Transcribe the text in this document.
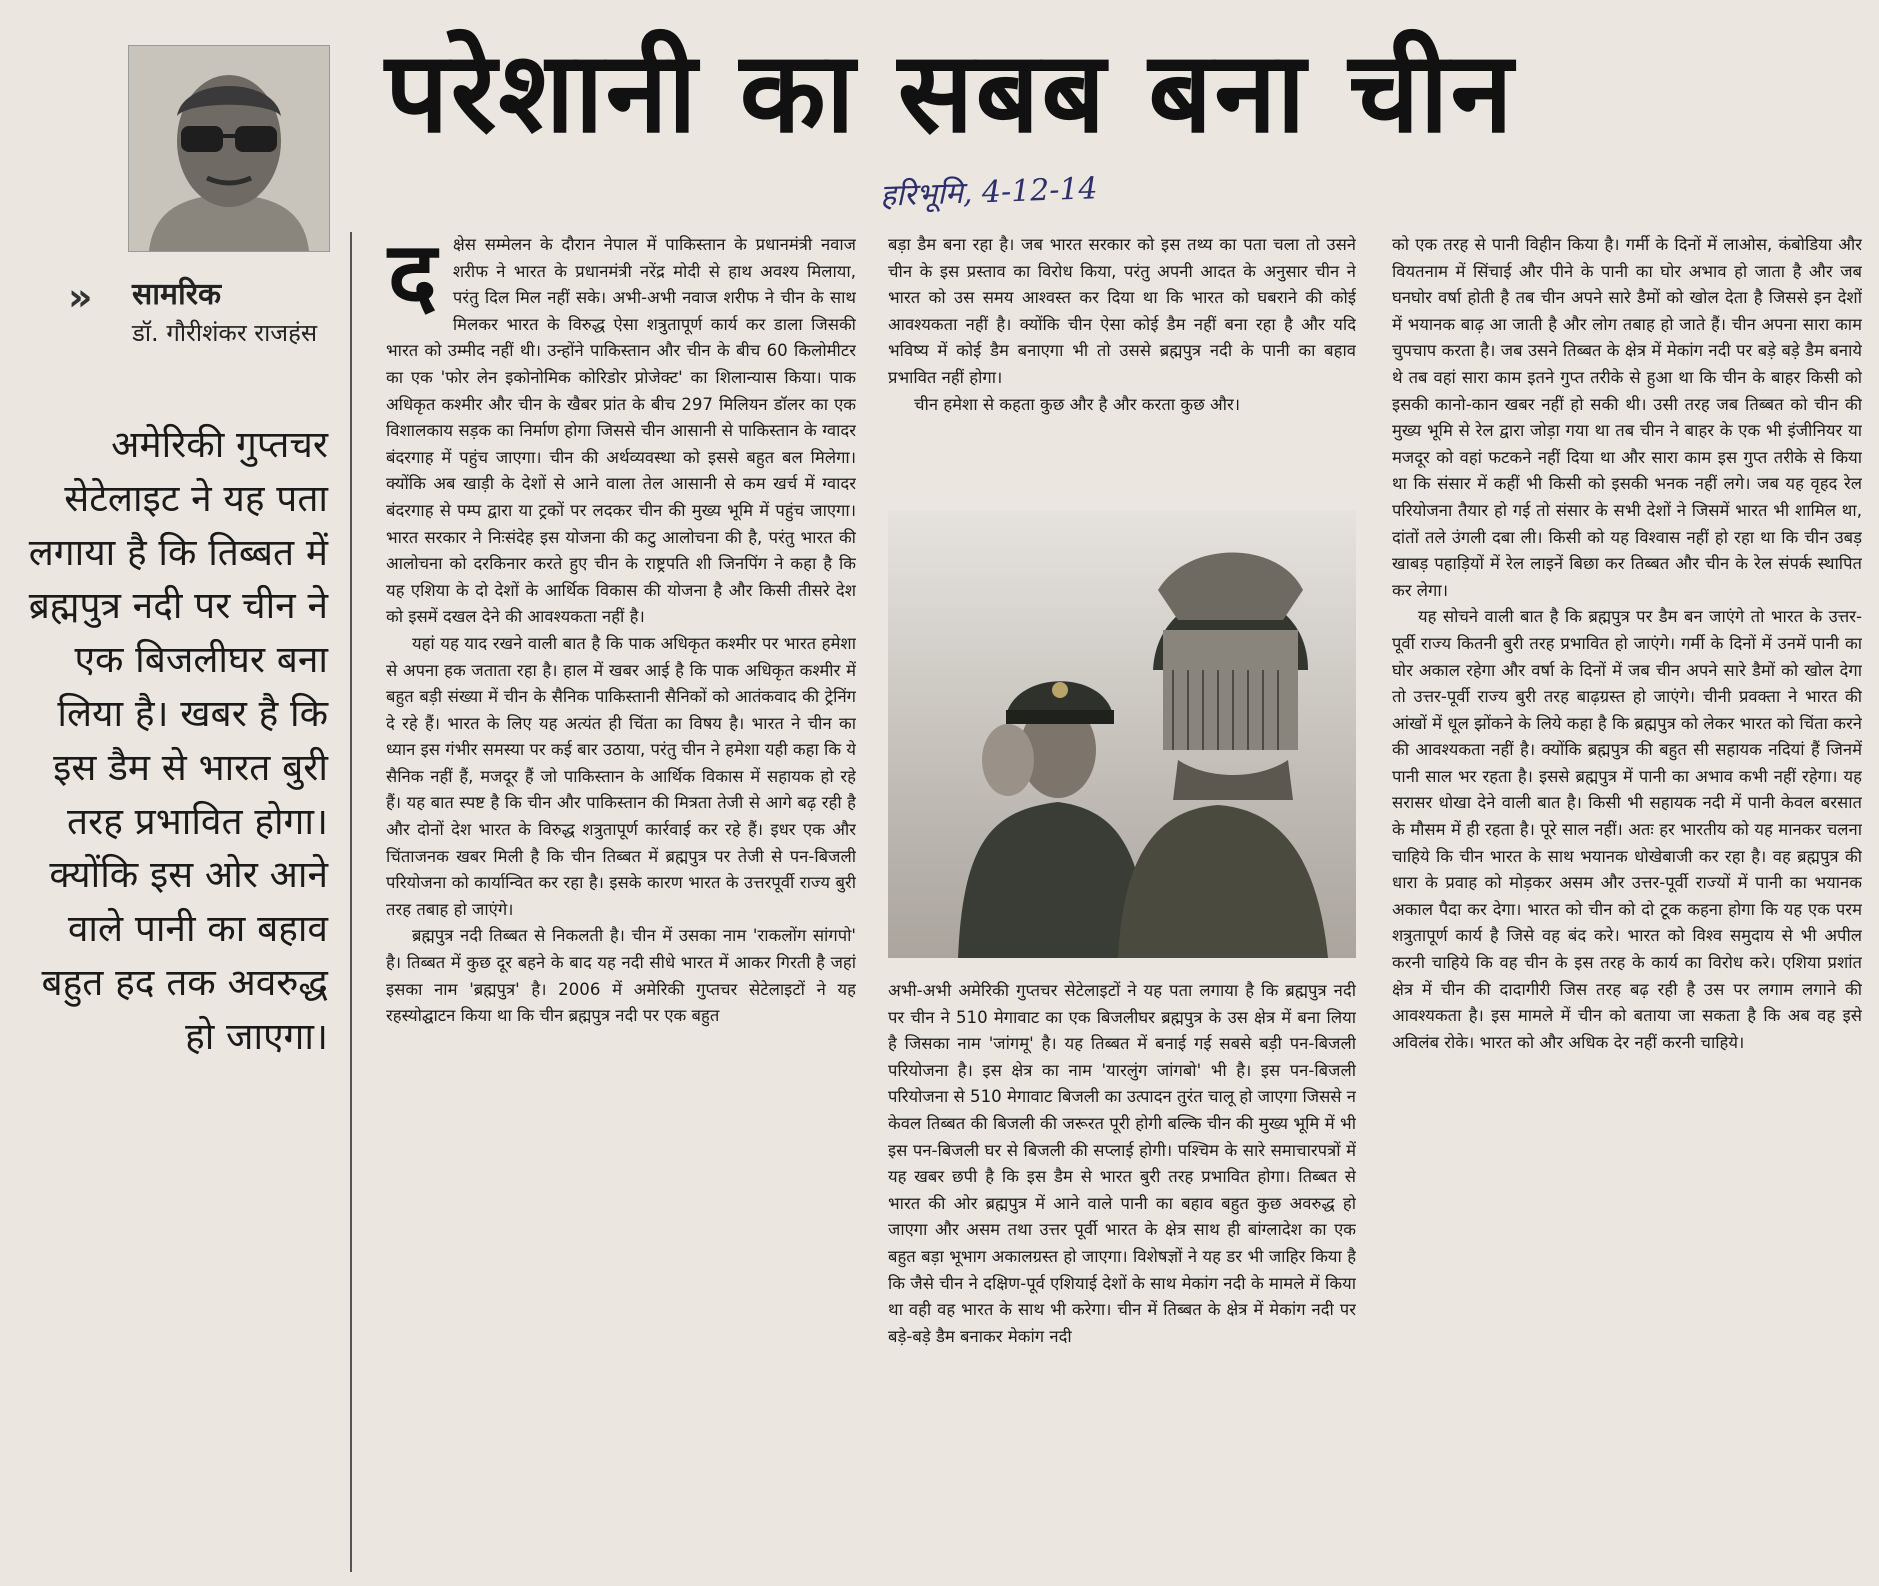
परेशानी का सबब बना चीन
हरिभूमि, 4-12-14
» सामरिक
डॉ. गौरीशंकर राजहंस

अमेरिकी गुप्तचर सेटेलाइट ने यह पता लगाया है कि तिब्बत में ब्रह्मपुत्र नदी पर चीन ने एक बिजलीघर बना लिया है। खबर है कि इस डैम से भारत बुरी तरह प्रभावित होगा। क्योंकि इस ओर आने वाले पानी का बहाव बहुत हद तक अवरुद्ध हो जाएगा।

द क्षेस सम्मेलन के दौरान नेपाल में पाकिस्तान के प्रधानमंत्री नवाज शरीफ ने भारत के प्रधानमंत्री नरेंद्र मोदी से हाथ अवश्य मिलाया, परंतु दिल मिल नहीं सके। अभी-अभी नवाज शरीफ ने चीन के साथ मिलकर भारत के विरुद्ध ऐसा शत्रुतापूर्ण कार्य कर डाला जिसकी भारत को उम्मीद नहीं थी। उन्होंने पाकिस्तान और चीन के बीच 60 किलोमीटर का एक 'फोर लेन इकोनोमिक कोरिडोर प्रोजेक्ट' का शिलान्यास किया। पाक अधिकृत कश्मीर और चीन के खैबर प्रांत के बीच 297 मिलियन डॉलर का एक विशालकाय सड़क का निर्माण होगा जिससे चीन आसानी से पाकिस्तान के ग्वादर बंदरगाह में पहुंच जाएगा। चीन की अर्थव्यवस्था को इससे बहुत बल मिलेगा। क्योंकि अब खाड़ी के देशों से आने वाला तेल आसानी से कम खर्च में ग्वादर बंदरगाह से पम्प द्वारा या ट्रकों पर लदकर चीन की मुख्य भूमि में पहुंच जाएगा। भारत सरकार ने निःसंदेह इस योजना की कटु आलोचना की है, परंतु भारत की आलोचना को दरकिनार करते हुए चीन के राष्ट्रपति शी जिनपिंग ने कहा है कि यह एशिया के दो देशों के आर्थिक विकास की योजना है और किसी तीसरे देश को इसमें दखल देने की आवश्यकता नहीं है।

यहां यह याद रखने वाली बात है कि पाक अधिकृत कश्मीर पर भारत हमेशा से अपना हक जताता रहा है। हाल में खबर आई है कि पाक अधिकृत कश्मीर में बहुत बड़ी संख्या में चीन के सैनिक पाकिस्तानी सैनिकों को आतंकवाद की ट्रेनिंग दे रहे हैं। भारत के लिए यह अत्यंत ही चिंता का विषय है। भारत ने चीन का ध्यान इस गंभीर समस्या पर कई बार उठाया, परंतु चीन ने हमेशा यही कहा कि ये सैनिक नहीं हैं, मजदूर हैं जो पाकिस्तान के आर्थिक विकास में सहायक हो रहे हैं। यह बात स्पष्ट है कि चीन और पाकिस्तान की मित्रता तेजी से आगे बढ़ रही है और दोनों देश भारत के विरुद्ध शत्रुतापूर्ण कार्रवाई कर रहे हैं। इधर एक और चिंताजनक खबर मिली है कि चीन तिब्बत में ब्रह्मपुत्र पर तेजी से पन-बिजली परियोजना को कार्यान्वित कर रहा है। इसके कारण भारत के उत्तरपूर्वी राज्य बुरी तरह तबाह हो जाएंगे।

ब्रह्मपुत्र नदी तिब्बत से निकलती है। चीन में उसका नाम 'राकलोंग सांगपो' है। तिब्बत में कुछ दूर बहने के बाद यह नदी सीधे भारत में आकर गिरती है जहां इसका नाम 'ब्रह्मपुत्र' है। 2006 में अमेरिकी गुप्तचर सेटेलाइटों ने यह रहस्योद्घाटन किया था कि चीन ब्रह्मपुत्र नदी पर एक बहुत

बड़ा डैम बना रहा है। जब भारत सरकार को इस तथ्य का पता चला तो उसने चीन के इस प्रस्ताव का विरोध किया, परंतु अपनी आदत के अनुसार चीन ने भारत को उस समय आश्वस्त कर दिया था कि भारत को घबराने की कोई आवश्यकता नहीं है। क्योंकि चीन ऐसा कोई डैम नहीं बना रहा है और यदि भविष्य में कोई डैम बनाएगा भी तो उससे ब्रह्मपुत्र नदी के पानी का बहाव प्रभावित नहीं होगा।

चीन हमेशा से कहता कुछ और है और करता कुछ और।

अभी-अभी अमेरिकी गुप्तचर सेटेलाइटों ने यह पता लगाया है कि ब्रह्मपुत्र नदी पर चीन ने 510 मेगावाट का एक बिजलीघर ब्रह्मपुत्र के उस क्षेत्र में बना लिया है जिसका नाम 'जांगमू' है। यह तिब्बत में बनाई गई सबसे बड़ी पन-बिजली परियोजना है। इस क्षेत्र का नाम 'यारलुंग जांगबो' भी है। इस पन-बिजली परियोजना से 510 मेगावाट बिजली का उत्पादन तुरंत चालू हो जाएगा जिससे न केवल तिब्बत की बिजली की जरूरत पूरी होगी बल्कि चीन की मुख्य भूमि में भी इस पन-बिजली घर से बिजली की सप्लाई होगी। पश्चिम के सारे समाचारपत्रों में यह खबर छपी है कि इस डैम से भारत बुरी तरह प्रभावित होगा। तिब्बत से भारत की ओर ब्रह्मपुत्र में आने वाले पानी का बहाव बहुत कुछ अवरुद्ध हो जाएगा और असम तथा उत्तर पूर्वी भारत के क्षेत्र साथ ही बांग्लादेश का एक बहुत बड़ा भूभाग अकालग्रस्त हो जाएगा। विशेषज्ञों ने यह डर भी जाहिर किया है कि जैसे चीन ने दक्षिण-पूर्व एशियाई देशों के साथ मेकांग नदी के मामले में किया था वही वह भारत के साथ भी करेगा। चीन में तिब्बत के क्षेत्र में मेकांग नदी पर बड़े-बड़े डैम बनाकर मेकांग नदी

को एक तरह से पानी विहीन किया है। गर्मी के दिनों में लाओस, कंबोडिया और वियतनाम में सिंचाई और पीने के पानी का घोर अभाव हो जाता है और जब घनघोर वर्षा होती है तब चीन अपने सारे डैमों को खोल देता है जिससे इन देशों में भयानक बाढ़ आ जाती है और लोग तबाह हो जाते हैं। चीन अपना सारा काम चुपचाप करता है। जब उसने तिब्बत के क्षेत्र में मेकांग नदी पर बड़े बड़े डैम बनाये थे तब वहां सारा काम इतने गुप्त तरीके से हुआ था कि चीन के बाहर किसी को इसकी कानो-कान खबर नहीं हो सकी थी। उसी तरह जब तिब्बत को चीन की मुख्य भूमि से रेल द्वारा जोड़ा गया था तब चीन ने बाहर के एक भी इंजीनियर या मजदूर को वहां फटकने नहीं दिया था और सारा काम इस गुप्त तरीके से किया था कि संसार में कहीं भी किसी को इसकी भनक नहीं लगे। जब यह वृहद रेल परियोजना तैयार हो गई तो संसार के सभी देशों ने जिसमें भारत भी शामिल था, दांतों तले उंगली दबा ली। किसी को यह विश्वास नहीं हो रहा था कि चीन उबड़ खाबड़ पहाड़ियों में रेल लाइनें बिछा कर तिब्बत और चीन के रेल संपर्क स्थापित कर लेगा।

यह सोचने वाली बात है कि ब्रह्मपुत्र पर डैम बन जाएंगे तो भारत के उत्तर-पूर्वी राज्य कितनी बुरी तरह प्रभावित हो जाएंगे। गर्मी के दिनों में उनमें पानी का घोर अकाल रहेगा और वर्षा के दिनों में जब चीन अपने सारे डैमों को खोल देगा तो उत्तर-पूर्वी राज्य बुरी तरह बाढ़ग्रस्त हो जाएंगे। चीनी प्रवक्ता ने भारत की आंखों में धूल झोंकने के लिये कहा है कि ब्रह्मपुत्र को लेकर भारत को चिंता करने की आवश्यकता नहीं है। क्योंकि ब्रह्मपुत्र की बहुत सी सहायक नदियां हैं जिनमें पानी साल भर रहता है। इससे ब्रह्मपुत्र में पानी का अभाव कभी नहीं रहेगा। यह सरासर धोखा देने वाली बात है। किसी भी सहायक नदी में पानी केवल बरसात के मौसम में ही रहता है। पूरे साल नहीं। अतः हर भारतीय को यह मानकर चलना चाहिये कि चीन भारत के साथ भयानक धोखेबाजी कर रहा है। वह ब्रह्मपुत्र की धारा के प्रवाह को मोड़कर असम और उत्तर-पूर्वी राज्यों में पानी का भयानक अकाल पैदा कर देगा। भारत को चीन को दो टूक कहना होगा कि यह एक परम शत्रुतापूर्ण कार्य है जिसे वह बंद करे। भारत को विश्व समुदाय से भी अपील करनी चाहिये कि वह चीन के इस तरह के कार्य का विरोध करे। एशिया प्रशांत क्षेत्र में चीन की दादागीरी जिस तरह बढ़ रही है उस पर लगाम लगाने की आवश्यकता है। इस मामले में चीन को बताया जा सकता है कि अब वह इसे अविलंब रोके। भारत को और अधिक देर नहीं करनी चाहिये।
